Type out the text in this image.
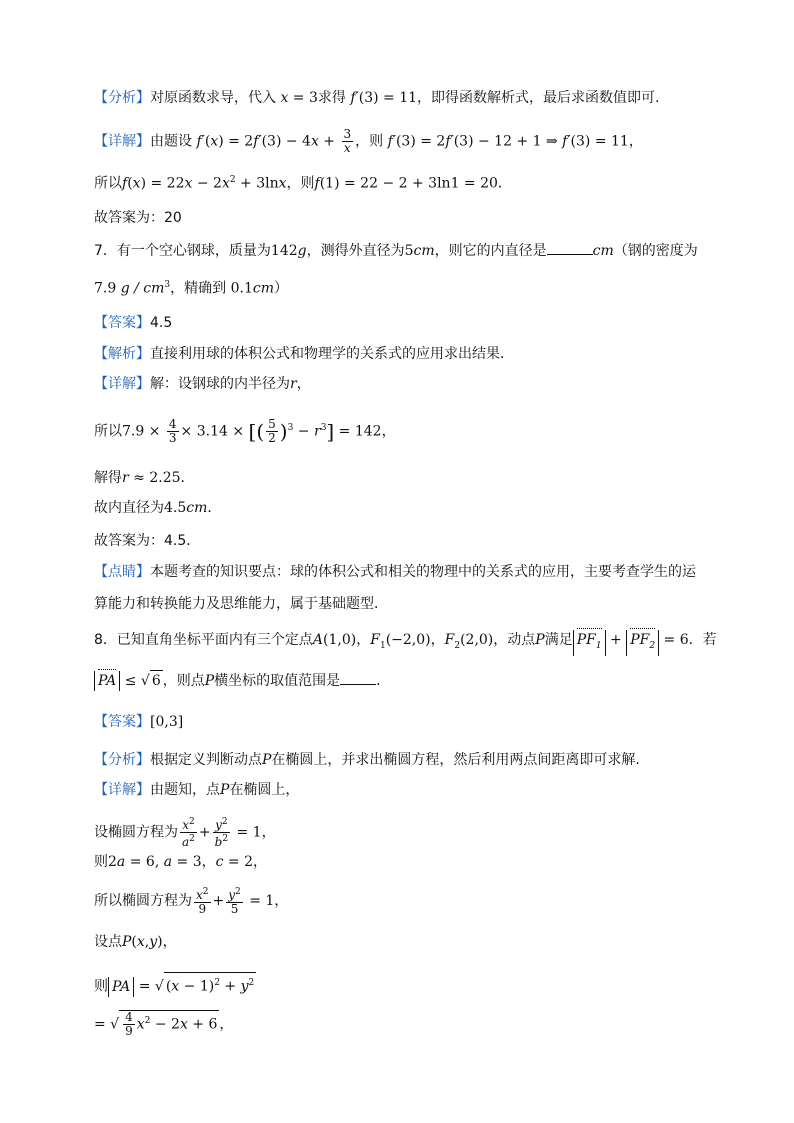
【分析】对原函数求导，代入 x = 3求得 f′(3) = 11，即得函数解析式，最后求函数值即可.
【详解】由题设 $f'(x) = 2f'(3) - 4x + \frac{3}{x}$ ，则 f′(3) = 2f′(3) − 12 + 1 ⇒ f′(3) = 11，
所以$f(x) = 22x - 2x^2 + 3\ln x$，则f(1) = 22 − 2 + 3ln1 = 20．
故答案为：20
7．有一个空心钢球，质量为142g，测得外直径为5cm，则它的内直径是	cm（钢的密度为
7.9 g / $cm^3$，精确到 0.1cm）
【答案】4.5
【解析】直接利用球的体积公式和物理学的关系式的应用求出结果．
【详解】解：设钢球的内半径为r，
所以$7.9 \times \frac{4}{3} \times 3.14$ × [( $\frac{5}{2} )^3 - r^3] = 142$，
解得r ≈ 2.25．
故内直径为4.5cm．
故答案为：4.5．
【点睛】本题考查的知识要点：球的体积公式和相关的物理中的关系式的应用，主要考查学生的运
算能力和转换能力及思维能力，属于基础题型．
8．已知直角坐标平面内有三个定点A(1,0)，$F_1(-2,0)$，$F_2(2,0)$，动点P满足 $PF_1 + PF_2 = 6$．若
PA ≤ √ 6 ，则点P横坐标的取值范围是	．
【答案】[0,3]
【分析】根据定义判断动点P在椭圆上，并求出椭圆方程，然后利用两点间距离即可求解.
【详解】由题知，点P在椭圆上，
设椭圆方程为 $\frac{x^2}{a^2} + \frac{y^2}{b^2} = 1$，
则2a = 6, a = 3，c = 2，
所以椭圆方程为 $\frac{x^2}{9} + \frac{y^2}{5} = 1$，
设点P(x,y)，
则 PA = √ $(x - 1)^2 + y^2$
= √ $\frac{4}{9} x^2 - 2x + 6$ ，
